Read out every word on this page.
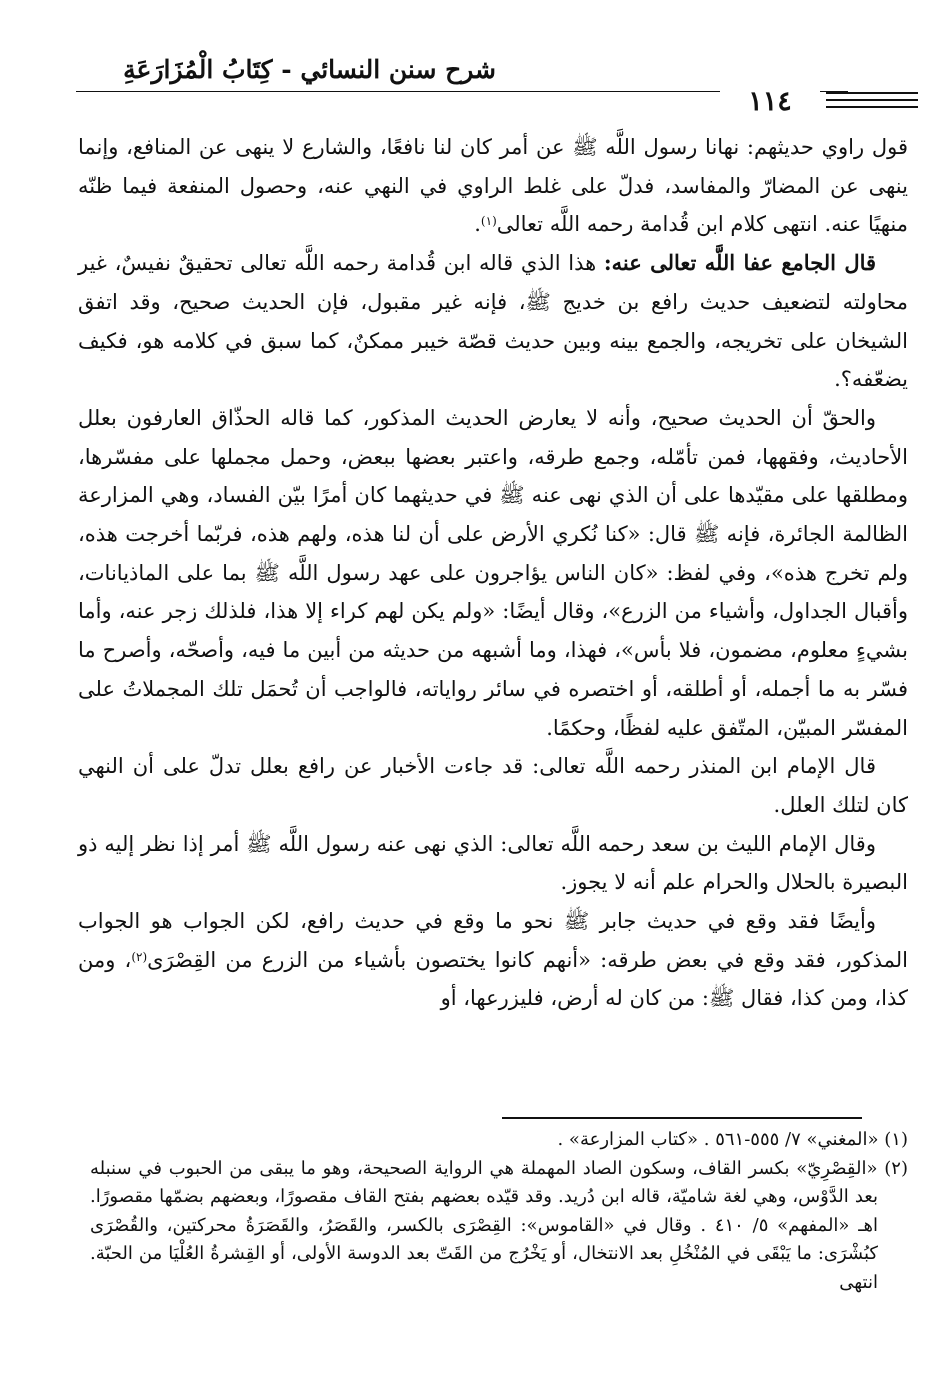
شرح سنن النسائي - كِتَابُ الْمُزَارَعَةِ
١١٤

قول راوي حديثهم: نهانا رسول اللَّه ﷺ عن أمر كان لنا نافعًا، والشارع لا ينهى عن المنافع، وإنما ينهى عن المضارّ والمفاسد، فدلّ على غلط الراوي في النهي عنه، وحصول المنفعة فيما ظنّه منهيًا عنه. انتهى كلام ابن قُدامة رحمه اللَّه تعالى$^{(١)}$.

قال الجامع عفا اللَّه تعالى عنه: هذا الذي قاله ابن قُدامة رحمه اللَّه تعالى تحقيقٌ نفيسٌ، غير محاولته لتضعيف حديث رافع بن خديج ﷺ، فإنه غير مقبول، فإن الحديث صحيح، وقد اتفق الشيخان على تخريجه، والجمع بينه وبين حديث قصّة خيبر ممكنٌ، كما سبق في كلامه هو، فكيف يضعّفه؟.

والحقّ أن الحديث صحيح، وأنه لا يعارض الحديث المذكور، كما قاله الحذّاق العارفون بعلل الأحاديث، وفقهها، فمن تأمّله، وجمع طرقه، واعتبر بعضها ببعض، وحمل مجملها على مفسّرها، ومطلقها على مقيّدها على أن الذي نهى عنه ﷺ في حديثهما كان أمرًا بيّن الفساد، وهي المزارعة الظالمة الجائرة، فإنه ﷺ قال: «كنا نُكري الأرض على أن لنا هذه، ولهم هذه، فربّما أخرجت هذه، ولم تخرج هذه»، وفي لفظ: «كان الناس يؤاجرون على عهد رسول اللَّه ﷺ بما على الماذيانات، وأقبال الجداول، وأشياء من الزرع»، وقال أيضًا: «ولم يكن لهم كراء إلا هذا، فلذلك زجر عنه، وأما بشيءٍ معلوم، مضمون، فلا بأس»، فهذا، وما أشبهه من حديثه من أبين ما فيه، وأصحّه، وأصرح ما فسّر به ما أجمله، أو أطلقه، أو اختصره في سائر رواياته، فالواجب أن تُحمَل تلك المجملاتُ على المفسّر المبيّن، المتّفق عليه لفظًا، وحكمًا.

قال الإمام ابن المنذر رحمه اللَّه تعالى: قد جاءت الأخبار عن رافع بعلل تدلّ على أن النهي كان لتلك العلل.

وقال الإمام الليث بن سعد رحمه اللَّه تعالى: الذي نهى عنه رسول اللَّه ﷺ أمر إذا نظر إليه ذو البصيرة بالحلال والحرام علم أنه لا يجوز.

وأيضًا فقد وقع في حديث جابر ﷺ نحو ما وقع في حديث رافع، لكن الجواب هو الجواب المذكور، فقد وقع في بعض طرقه: «أنهم كانوا يختصون بأشياء من الزرع من القِصْرَى$^{(٢)}$، ومن كذا، ومن كذا، فقال ﷺ: من كان له أرض، فليزرعها، أو

(١) «المغني» ٧/ ٥٥٥-٥٦١ . «كتاب المزارعة» .

(٢) «القِصْرِيّ» بكسر القاف، وسكون الصاد المهملة هي الرواية الصحيحة، وهو ما يبقى من الحبوب في سنبله بعد الدَّوْس، وهي لغة شاميّة، قاله ابن دُريد. وقد قيّده بعضهم بفتح القاف مقصورًا، وبعضهم بضمّها مقصورًا. اهـ «المفهم» ٥/ ٤١٠ . وقال في «القاموس»: القِصْرَى بالكسر، والقَصَرُ، والقَصَرَةُ محركتين، والقُصْرَى كبُشْرَى: ما يَبْقَى في المُنْخُلِ بعد الانتخال، أو يَخْرُج من القَتّ بعد الدوسة الأولى، أو القِشرةُ العُلْيَا من الحبّة. انتهى
